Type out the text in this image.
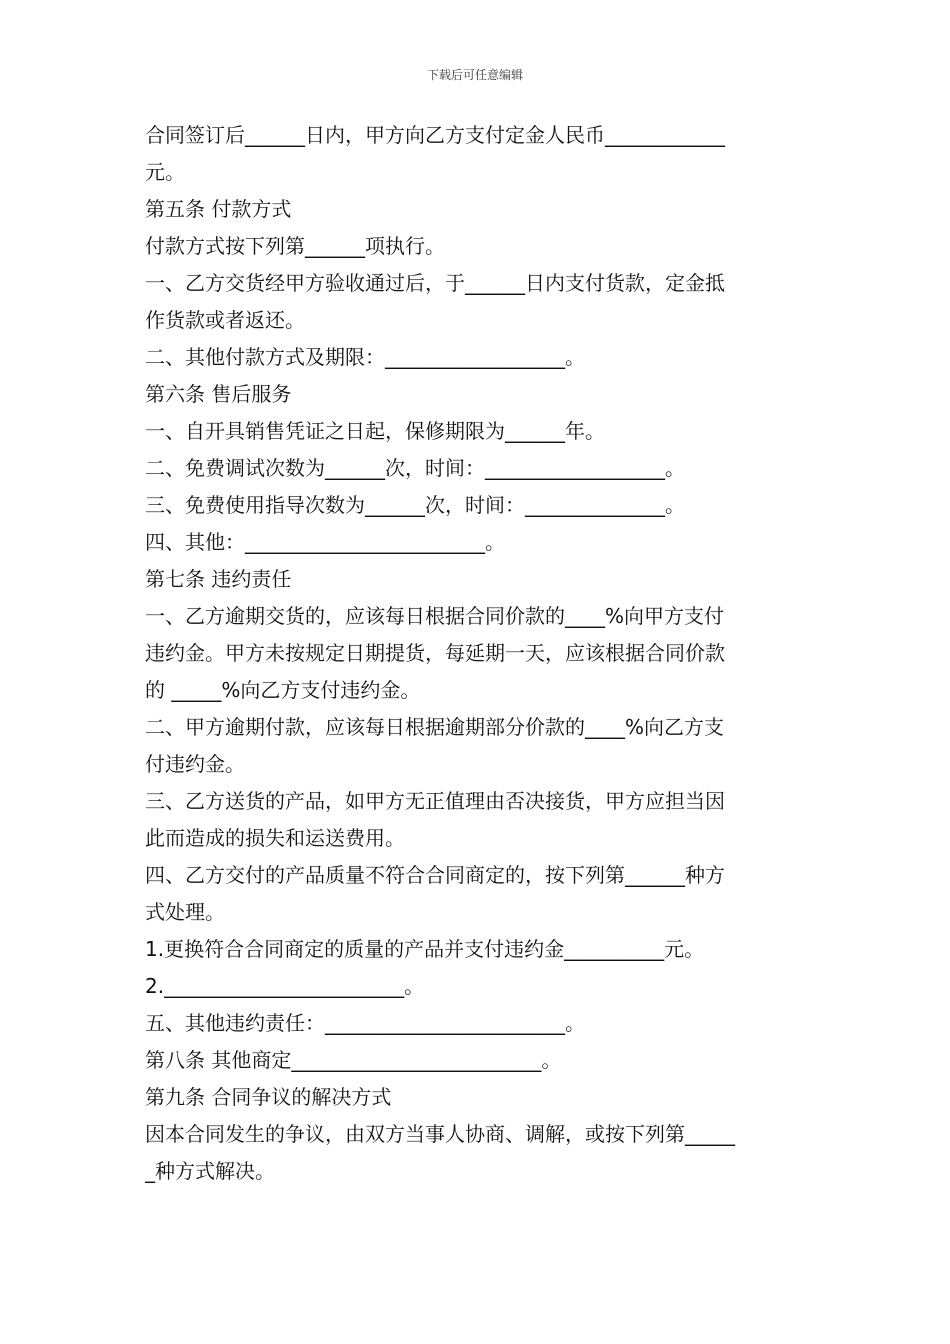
下载后可任意编辑
合同签订后______日内，甲方向乙方支付定金人民币____________
元。
第五条 付款方式
付款方式按下列第______项执行。
一、乙方交货经甲方验收通过后，于______日内支付货款，定金抵
作货款或者返还。
二、其他付款方式及期限：__________________。
第六条 售后服务
一、自开具销售凭证之日起，保修期限为______年。
二、免费调试次数为______次，时间：__________________。
三、免费使用指导次数为______次，时间：______________。
四、其他：________________________。
第七条 违约责任
一、乙方逾期交货的，应该每日根据合同价款的____%向甲方支付
违约金。甲方未按规定日期提货，每延期一天，应该根据合同价款
的 _____%向乙方支付违约金。
二、甲方逾期付款，应该每日根据逾期部分价款的____%向乙方支
付违约金。
三、乙方送货的产品，如甲方无正值理由否决接货，甲方应担当因
此而造成的损失和运送费用。
四、乙方交付的产品质量不符合合同商定的，按下列第______种方
式处理。
1.更换符合合同商定的质量的产品并支付违约金__________元。
2.________________________。
五、其他违约责任：________________________。
第八条 其他商定_________________________。
第九条 合同争议的解决方式
因本合同发生的争议，由双方当事人协商、调解，或按下列第_____
_种方式解决。
